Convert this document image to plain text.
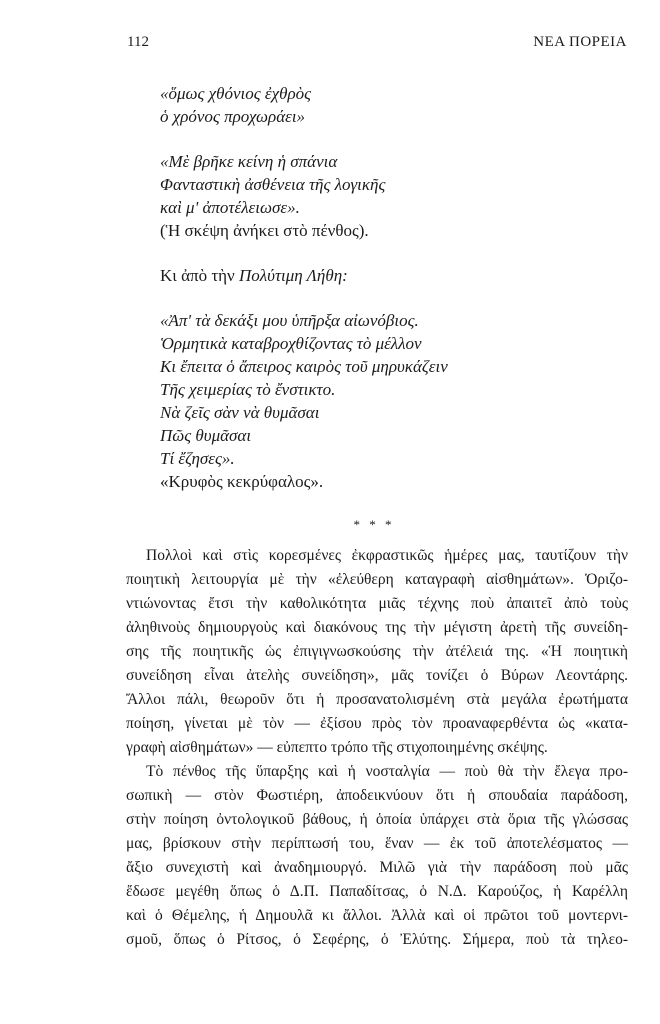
112	ΝΕΑ ΠΟΡΕΙΑ
«ὅμως χθόνιος ἐχθρὸς
ὁ χρόνος προχωράει»
«Μὲ βρῆκε κείνη ἡ σπάνια
Φανταστικὴ ἀσθένεια τῆς λογικῆς
καὶ μ' ἀποτέλειωσε».
(Ἡ σκέψη ἀνήκει στὸ πένθος).
Κι ἀπὸ τὴν Πολύτιμη Λήθη:
«Ἀπ' τὰ δεκάξι μου ὑπῆρξα αἰωνόβιος.
Ὁρμητικὰ καταβροχθίζοντας τὸ μέλλον
Κι ἔπειτα ὁ ἄπειρος καιρὸς τοῦ μηρυκάζειν
Τῆς χειμερίας τὸ ἔνστικτο.
Νὰ ζεῖς σὰν νὰ θυμᾶσαι
Πῶς θυμᾶσαι
Τί ἔζησες».
«Κρυφὸς κεκρύφαλος».
* * *
Πολλοὶ καὶ στὶς κορεσμένες ἐκφραστικῶς ἡμέρες μας, ταυτίζουν τὴν
ποιητικὴ λειτουργία μὲ τὴν «ἐλεύθερη καταγραφὴ αἰσθημάτων». Ὁριζο-
ντιώνοντας ἔτσι τὴν καθολικότητα μιᾶς τέχνης ποὺ ἀπαιτεῖ ἀπὸ τοὺς
ἀληθινοὺς δημιουργοὺς καὶ διακόνους της τὴν μέγιστη ἀρετὴ τῆς συνείδη-
σης τῆς ποιητικῆς ὡς ἐπιγιγνωσκούσης τὴν ἀτέλειά της. «Ἡ ποιητικὴ
συνείδηση εἶναι ἀτελὴς συνείδηση», μᾶς τονίζει ὁ Βύρων Λεοντάρης.
Ἄλλοι πάλι, θεωροῦν ὅτι ἡ προσανατολισμένη στὰ μεγάλα ἐρωτήματα
ποίηση, γίνεται μὲ τὸν — ἐξίσου πρὸς τὸν προαναφερθέντα ὡς «κατα-
γραφὴ αἰσθημάτων» — εὐπεπτο τρόπο τῆς στιχοποιημένης σκέψης.
Τὸ πένθος τῆς ὕπαρξης καὶ ἡ νοσταλγία — ποὺ θὰ τὴν ἔλεγα προ-
σωπικὴ — στὸν Φωστιέρη, ἀποδεικνύουν ὅτι ἡ σπουδαία παράδοση,
στὴν ποίηση ὀντολογικοῦ βάθους, ἡ ὁποία ὑπάρχει στὰ ὅρια τῆς γλώσσας
μας, βρίσκουν στὴν περίπτωσή του, ἕναν — ἐκ τοῦ ἀποτελέσματος —
ἄξιο συνεχιστὴ καὶ ἀναδημιουργό. Μιλῶ γιὰ τὴν παράδοση ποὺ μᾶς
ἔδωσε μεγέθη ὅπως ὁ Δ.Π. Παπαδίτσας, ὁ Ν.Δ. Καρούζος, ἡ Καρέλλη
καὶ ὁ Θέμελης, ἡ Δημουλᾶ κι ἄλλοι. Ἀλλὰ καὶ οἱ πρῶτοι τοῦ μοντερνι-
σμοῦ, ὅπως ὁ Ρίτσος, ὁ Σεφέρης, ὁ Ἐλύτης. Σήμερα, ποὺ τὰ τηλεο-
